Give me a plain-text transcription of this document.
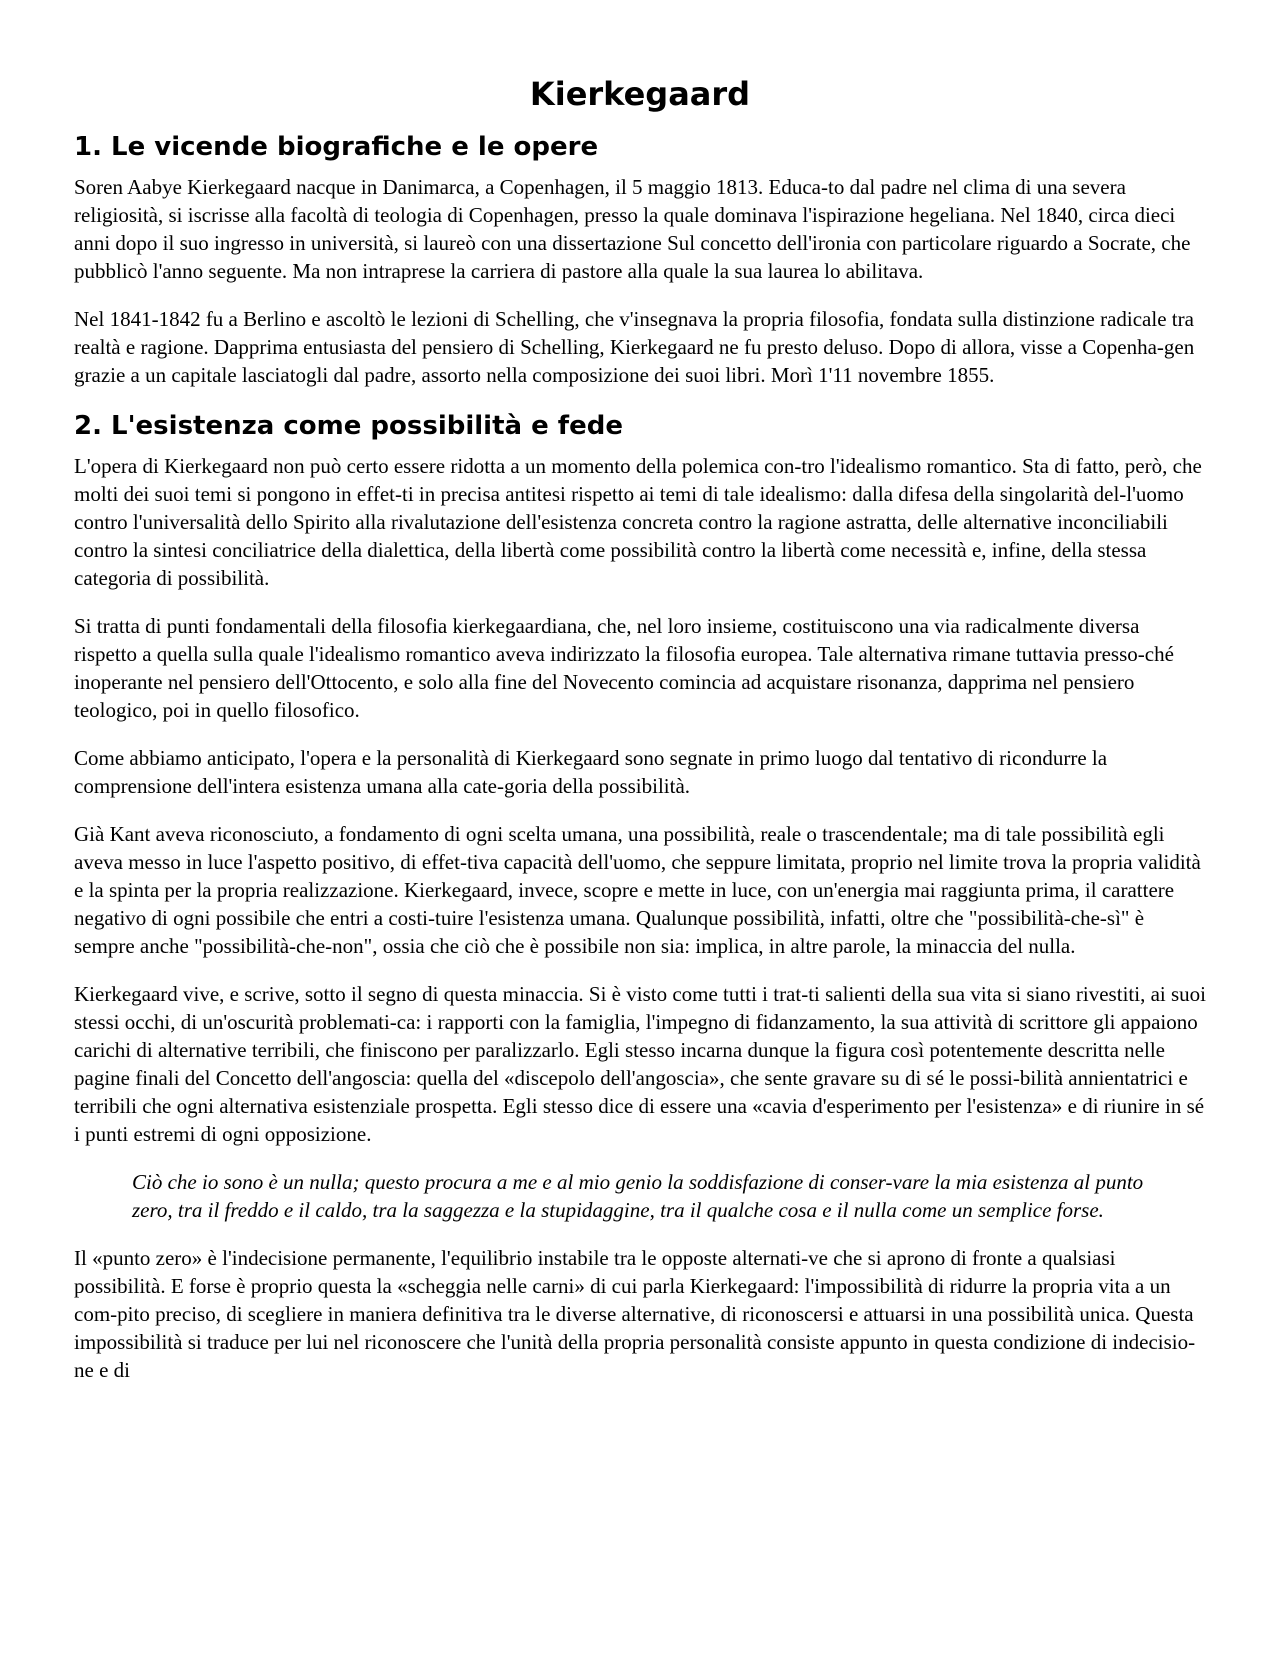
Kierkegaard
1. Le vicende biografiche e le opere

Soren Aabye Kierkegaard nacque in Danimarca, a Copenhagen, il 5 maggio 1813. Educa-to dal padre nel clima di una severa religiosità, si iscrisse alla facoltà di teologia di Copenhagen, presso la quale dominava l'ispirazione hegeliana. Nel 1840, circa dieci anni dopo il suo ingresso in università, si laureò con una dissertazione Sul concetto dell'ironia con particolare riguardo a Socrate, che pubblicò l'anno seguente. Ma non intraprese la carriera di pastore alla quale la sua laurea lo abilitava.

Nel 1841-1842 fu a Berlino e ascoltò le lezioni di Schelling, che v'insegnava la propria filosofia, fondata sulla distinzione radicale tra realtà e ragione. Dapprima entusiasta del pensiero di Schelling, Kierkegaard ne fu presto deluso. Dopo di allora, visse a Copenha-gen grazie a un capitale lasciatogli dal padre, assorto nella composizione dei suoi libri. Morì 1'11 novembre 1855.

2. L'esistenza come possibilità e fede

L'opera di Kierkegaard non può certo essere ridotta a un momento della polemica con-tro l'idealismo romantico. Sta di fatto, però, che molti dei suoi temi si pongono in effet-ti in precisa antitesi rispetto ai temi di tale idealismo: dalla difesa della singolarità del-l'uomo contro l'universalità dello Spirito alla rivalutazione dell'esistenza concreta contro la ragione astratta, delle alternative inconciliabili contro la sintesi conciliatrice della dialettica, della libertà come possibilità contro la libertà come necessità e, infine, della stessa categoria di possibilità.

Si tratta di punti fondamentali della filosofia kierkegaardiana, che, nel loro insieme, costituiscono una via radicalmente diversa rispetto a quella sulla quale l'idealismo romantico aveva indirizzato la filosofia europea. Tale alternativa rimane tuttavia presso-ché inoperante nel pensiero dell'Ottocento, e solo alla fine del Novecento comincia ad acquistare risonanza, dapprima nel pensiero teologico, poi in quello filosofico.

Come abbiamo anticipato, l'opera e la personalità di Kierkegaard sono segnate in primo luogo dal tentativo di ricondurre la comprensione dell'intera esistenza umana alla cate-goria della possibilità.

Già Kant aveva riconosciuto, a fondamento di ogni scelta umana, una possibilità, reale o trascendentale; ma di tale possibilità egli aveva messo in luce l'aspetto positivo, di effet-tiva capacità dell'uomo, che seppure limitata, proprio nel limite trova la propria validità e la spinta per la propria realizzazione. Kierkegaard, invece, scopre e mette in luce, con un'energia mai raggiunta prima, il carattere negativo di ogni possibile che entri a costi-tuire l'esistenza umana. Qualunque possibilità, infatti, oltre che "possibilità-che-sì" è sempre anche "possibilità-che-non", ossia che ciò che è possibile non sia: implica, in altre parole, la minaccia del nulla.

Kierkegaard vive, e scrive, sotto il segno di questa minaccia. Si è visto come tutti i trat-ti salienti della sua vita si siano rivestiti, ai suoi stessi occhi, di un'oscurità problemati-ca: i rapporti con la famiglia, l'impegno di fidanzamento, la sua attività di scrittore gli appaiono carichi di alternative terribili, che finiscono per paralizzarlo. Egli stesso incarna dunque la figura così potentemente descritta nelle pagine finali del Concetto dell'angoscia: quella del «discepolo dell'angoscia», che sente gravare su di sé le possi-bilità annientatrici e terribili che ogni alternativa esistenziale prospetta. Egli stesso dice di essere una «cavia d'esperimento per l'esistenza» e di riunire in sé i punti estremi di ogni opposizione.

Ciò che io sono è un nulla; questo procura a me e al mio genio la soddisfazione di conser-vare la mia esistenza al punto zero, tra il freddo e il caldo, tra la saggezza e la stupidaggine, tra il qualche cosa e il nulla come un semplice forse.

Il «punto zero» è l'indecisione permanente, l'equilibrio instabile tra le opposte alternati-ve che si aprono di fronte a qualsiasi possibilità. E forse è proprio questa la «scheggia nelle carni» di cui parla Kierkegaard: l'impossibilità di ridurre la propria vita a un com-pito preciso, di scegliere in maniera definitiva tra le diverse alternative, di riconoscersi e attuarsi in una possibilità unica. Questa impossibilità si traduce per lui nel riconoscere che l'unità della propria personalità consiste appunto in questa condizione di indecisio-ne e di
